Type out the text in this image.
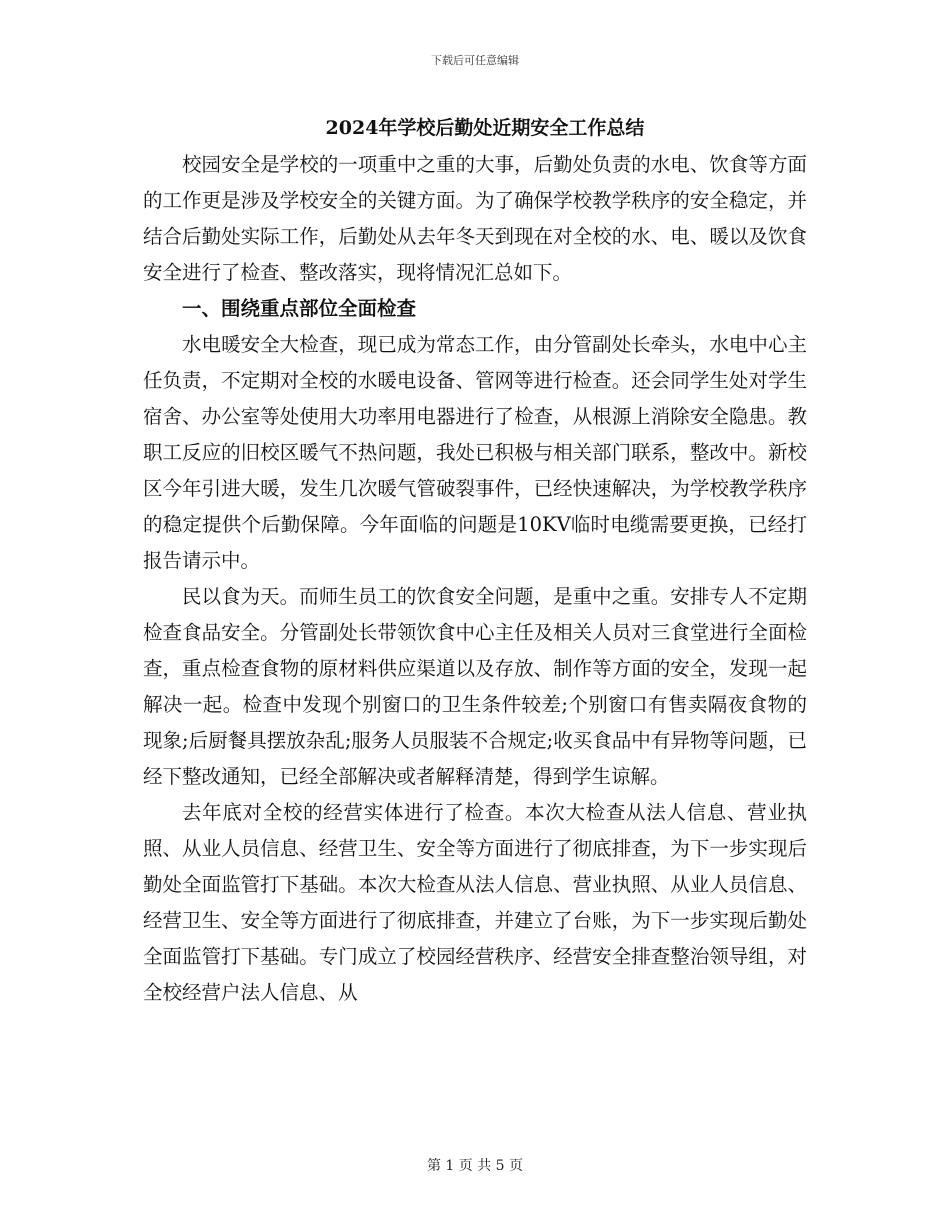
下载后可任意编辑
2024年学校后勤处近期安全工作总结

校园安全是学校的一项重中之重的大事，后勤处负责的水电、饮食等方面的工作更是涉及学校安全的关键方面。为了确保学校教学秩序的安全稳定，并结合后勤处实际工作，后勤处从去年冬天到现在对全校的水、电、暖以及饮食安全进行了检查、整改落实，现将情况汇总如下。

一、围绕重点部位全面检查

水电暖安全大检查，现已成为常态工作，由分管副处长牵头，水电中心主任负责，不定期对全校的水暖电设备、管网等进行检查。还会同学生处对学生宿舍、办公室等处使用大功率用电器进行了检查，从根源上消除安全隐患。教职工反应的旧校区暖气不热问题，我处已积极与相关部门联系，整改中。新校区今年引进大暖，发生几次暖气管破裂事件，已经快速解决，为学校教学秩序的稳定提供个后勤保障。今年面临的问题是10KV临时电缆需要更换，已经打报告请示中。

民以食为天。而师生员工的饮食安全问题，是重中之重。安排专人不定期检查食品安全。分管副处长带领饮食中心主任及相关人员对三食堂进行全面检查，重点检查食物的原材料供应渠道以及存放、制作等方面的安全，发现一起解决一起。检查中发现个别窗口的卫生条件较差;个别窗口有售卖隔夜食物的现象;后厨餐具摆放杂乱;服务人员服装不合规定;收买食品中有异物等问题，已经下整改通知，已经全部解决或者解释清楚，得到学生谅解。

去年底对全校的经营实体进行了检查。本次大检查从法人信息、营业执照、从业人员信息、经营卫生、安全等方面进行了彻底排查，为下一步实现后勤处全面监管打下基础。本次大检查从法人信息、营业执照、从业人员信息、经营卫生、安全等方面进行了彻底排查，并建立了台账，为下一步实现后勤处全面监管打下基础。专门成立了校园经营秩序、经营安全排查整治领导组，对全校经营户法人信息、从

第 1 页 共 5 页
